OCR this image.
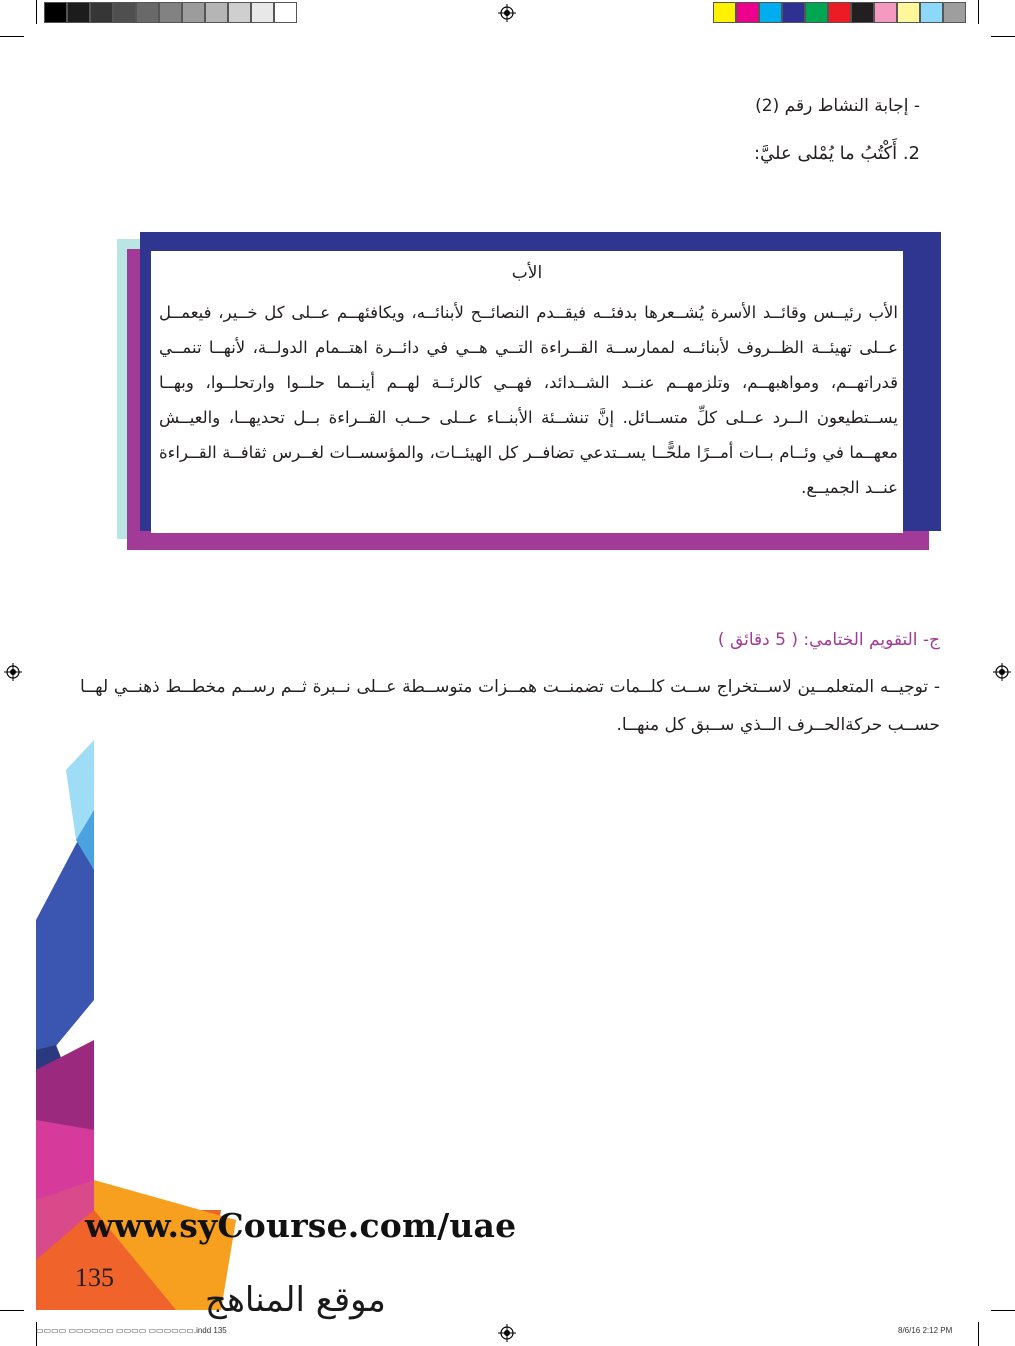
- إجابة النشاط رقم (2)
2. أَكْتُبُ ما يُمْلى عليَّ:
الأب
الأب رئيــس وقائــد الأسرة يُشــعرها بدفئــه فيقــدم النصائــح لأبنائــه، ويكافئهــم عــلى كل خــير، فيعمــل عــلى تهيئــة الظــروف لأبنائــه لممارســة القــراءة التــي هــي في دائــرة اهتــمام الدولــة، لأنهــا تنمــي قدراتهــم، ومواهبهــم، وتلزمهــم عنــد الشــدائد، فهــي كالرئــة لهــم أينــما حلــوا وارتحلــوا، وبهــا يســتطيعون الــرد عــلى كلِّ متســائل. إنَّ تنشــئة الأبنــاء عــلى حــب القــراءة بــل تحديهــا، والعيــش معهــما في وئــام بــات أمــرًا ملحًّــا يســتدعي تضافــر كل الهيئــات، والمؤسســات لغــرس ثقافــة القــراءة عنــد الجميــع.
ج- التقويم الختامي: ( 5 دقائق )
- توجيــه المتعلمــين لاســتخراج ســت كلــمات تضمنــت همــزات متوســطة عــلى نــبرة ثــم رســم مخطــط ذهنــي لهــا حســب حركةالحــرف الــذي ســبق كل منهــا.
www.syCourse.com/uae
135
موقع المناهج
▭▭▭▭ ▭▭▭▭▭▭ ▭▭▭▭ ▭▭▭▭▭▭.indd 135	8/6/16 2:12 PM
